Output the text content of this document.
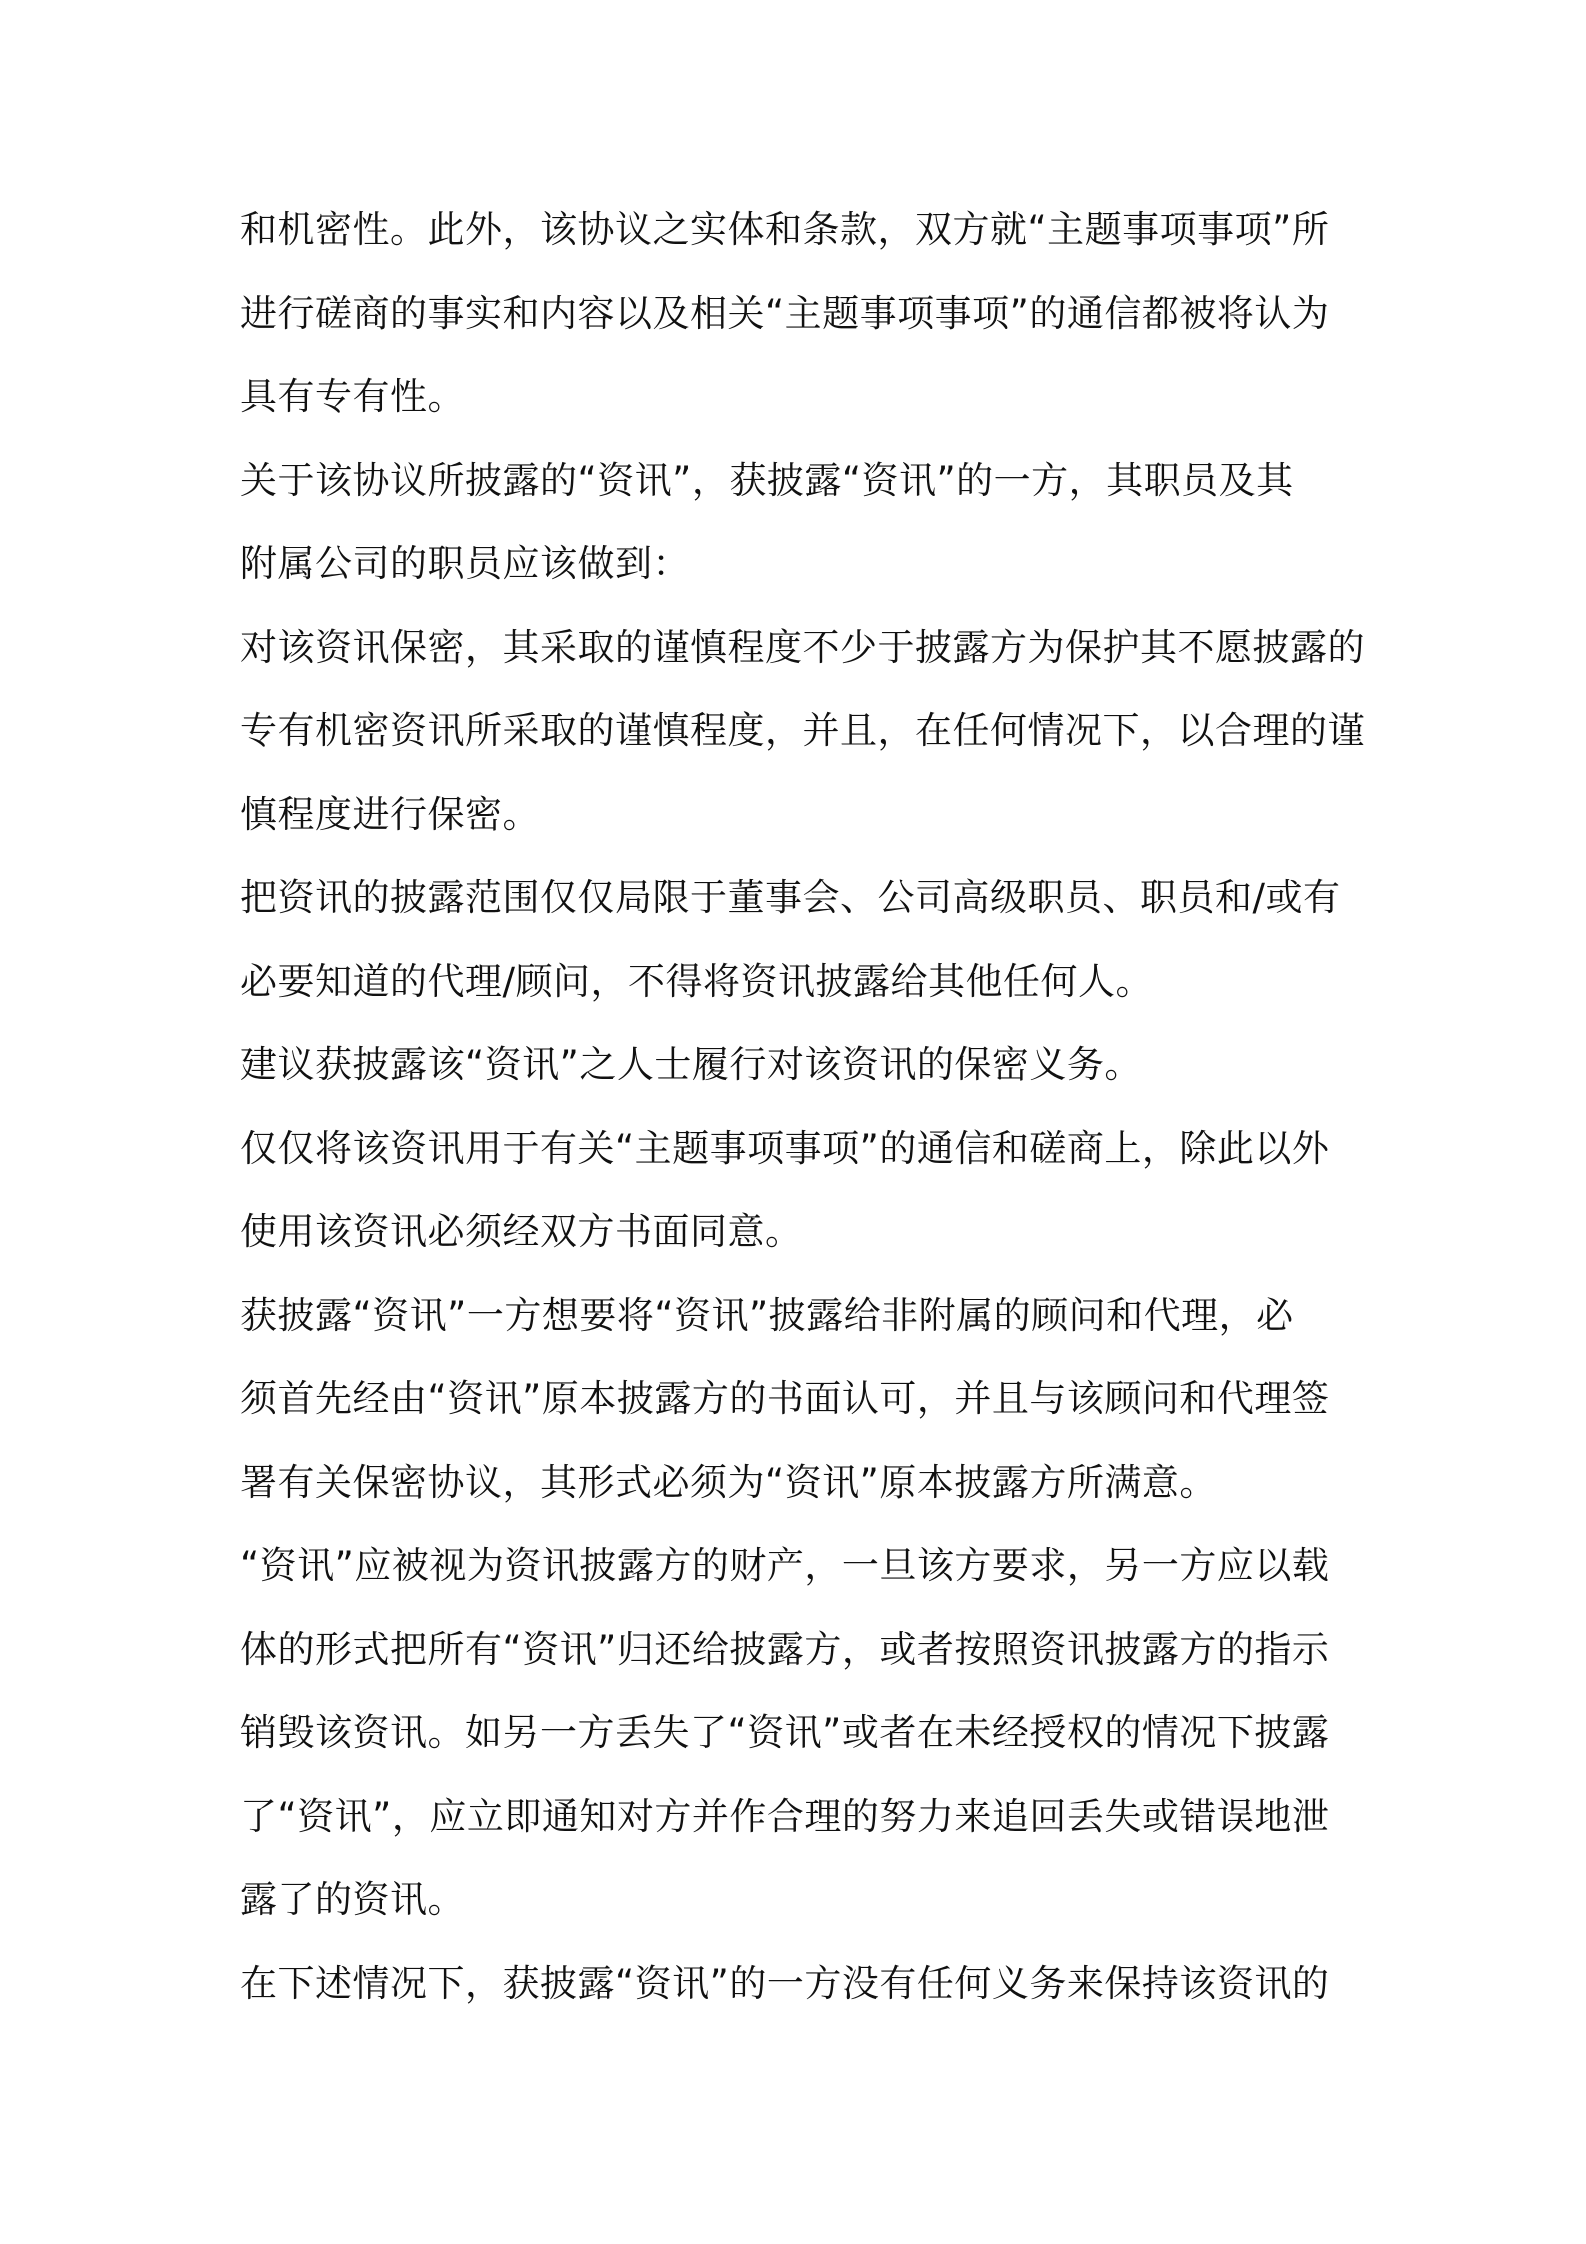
和机密性。此外，该协议之实体和条款，双方就“主题事项事项”所
进行磋商的事实和内容以及相关“主题事项事项”的通信都被将认为
具有专有性。
关于该协议所披露的“资讯”，获披露“资讯”的一方，其职员及其
附属公司的职员应该做到：
对该资讯保密，其采取的谨慎程度不少于披露方为保护其不愿披露的
专有机密资讯所采取的谨慎程度，并且，在任何情况下，以合理的谨
慎程度进行保密。
把资讯的披露范围仅仅局限于董事会、公司高级职员、职员和/或有
必要知道的代理/顾问，不得将资讯披露给其他任何人。
建议获披露该“资讯”之人士履行对该资讯的保密义务。
仅仅将该资讯用于有关“主题事项事项”的通信和磋商上，除此以外
使用该资讯必须经双方书面同意。
获披露“资讯”一方想要将“资讯”披露给非附属的顾问和代理，必
须首先经由“资讯”原本披露方的书面认可，并且与该顾问和代理签
署有关保密协议，其形式必须为“资讯”原本披露方所满意。
“资讯”应被视为资讯披露方的财产，一旦该方要求，另一方应以载
体的形式把所有“资讯”归还给披露方，或者按照资讯披露方的指示
销毁该资讯。如另一方丢失了“资讯”或者在未经授权的情况下披露
了“资讯”，应立即通知对方并作合理的努力来追回丢失或错误地泄
露了的资讯。
在下述情况下，获披露“资讯”的一方没有任何义务来保持该资讯的
